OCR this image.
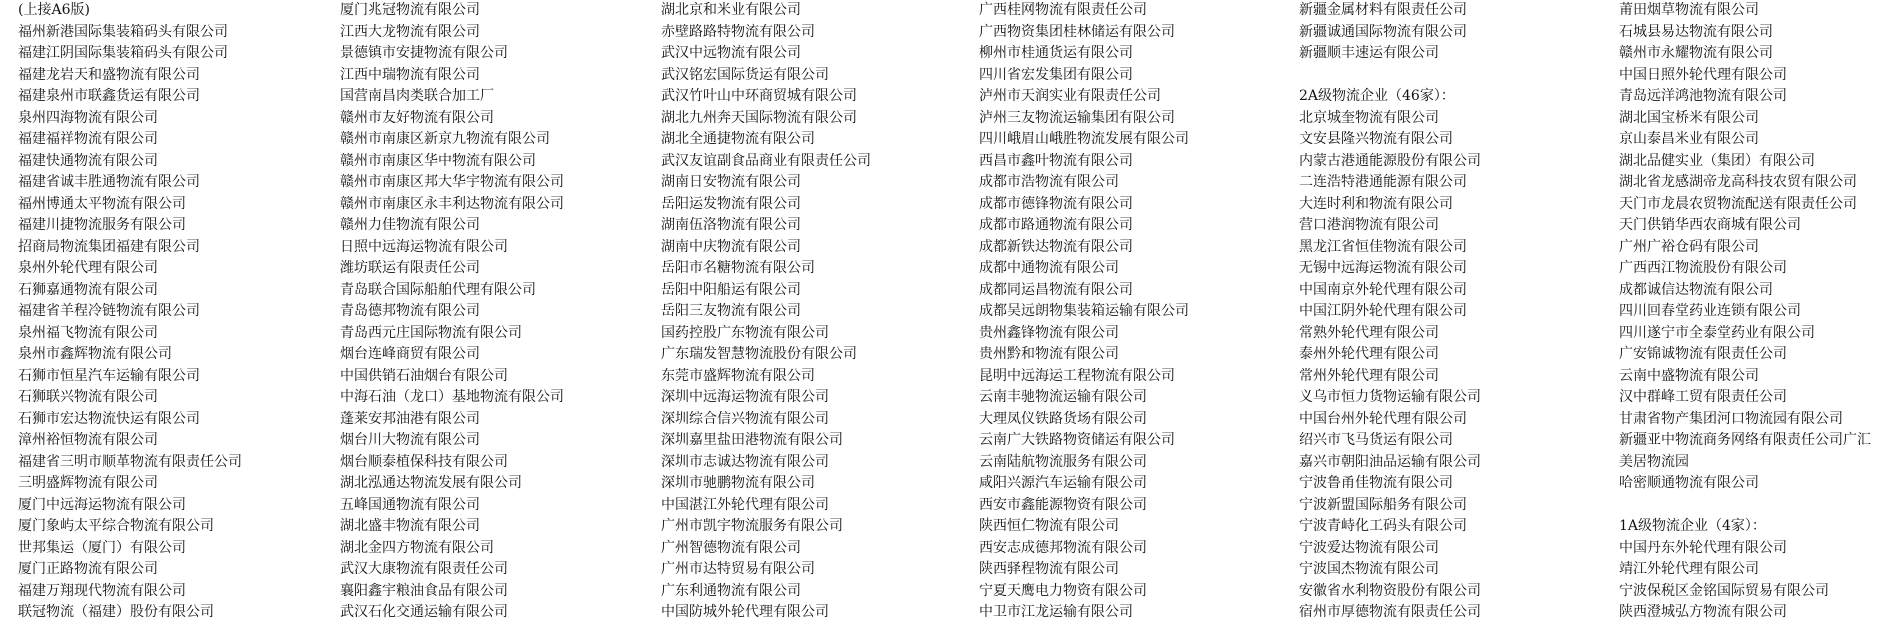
(上接A6版)
福州新港国际集装箱码头有限公司
福建江阴国际集装箱码头有限公司
福建龙岩天和盛物流有限公司
福建泉州市联鑫货运有限公司
泉州四海物流有限公司
福建福祥物流有限公司
福建快通物流有限公司
福建省诚丰胜通物流有限公司
福州博通太平物流有限公司
福建川捷物流服务有限公司
招商局物流集团福建有限公司
泉州外轮代理有限公司
石狮嘉通物流有限公司
福建省羊程冷链物流有限公司
泉州福飞物流有限公司
泉州市鑫辉物流有限公司
石狮市恒星汽车运输有限公司
石狮联兴物流有限公司
石狮市宏达物流快运有限公司
漳州裕恒物流有限公司
福建省三明市顺革物流有限责任公司
三明盛辉物流有限公司
厦门中远海运物流有限公司
厦门象屿太平综合物流有限公司
世邦集运（厦门）有限公司
厦门正路物流有限公司
福建万翔现代物流有限公司
联冠物流（福建）股份有限公司
厦门兆冠物流有限公司
江西大龙物流有限公司
景德镇市安捷物流有限公司
江西中瑞物流有限公司
国营南昌肉类联合加工厂
赣州市友好物流有限公司
赣州市南康区新京九物流有限公司
赣州市南康区华中物流有限公司
赣州市南康区邦大华宇物流有限公司
赣州市南康区永丰利达物流有限公司
赣州力佳物流有限公司
日照中远海运物流有限公司
潍坊联运有限责任公司
青岛联合国际船舶代理有限公司
青岛德邦物流有限公司
青岛西元庄国际物流有限公司
烟台连峰商贸有限公司
中国供销石油烟台有限公司
中海石油（龙口）基地物流有限公司
蓬莱安邦油港有限公司
烟台川大物流有限公司
烟台顺泰植保科技有限公司
湖北泓通达物流发展有限公司
五峰国通物流有限公司
湖北盛丰物流有限公司
湖北金四方物流有限公司
武汉大康物流有限责任公司
襄阳鑫宇粮油食品有限公司
武汉石化交通运输有限公司
湖北京和米业有限公司
赤壁路路特物流有限公司
武汉中远物流有限公司
武汉铭宏国际货运有限公司
武汉竹叶山中环商贸城有限公司
湖北九州奔天国际物流有限公司
湖北全通捷物流有限公司
武汉友谊副食品商业有限责任公司
湖南日安物流有限公司
岳阳运发物流有限公司
湖南伍洛物流有限公司
湖南中庆物流有限公司
岳阳市名糖物流有限公司
岳阳中阳船运有限公司
岳阳三友物流有限公司
国药控股广东物流有限公司
广东瑞发智慧物流股份有限公司
东莞市盛辉物流有限公司
深圳中远海运物流有限公司
深圳综合信兴物流有限公司
深圳嘉里盐田港物流有限公司
深圳市志诚达物流有限公司
深圳市驰鹏物流有限公司
中国湛江外轮代理有限公司
广州市凯宇物流服务有限公司
广州智德物流有限公司
广州市达特贸易有限公司
广东利通物流有限公司
中国防城外轮代理有限公司
广西桂网物流有限责任公司
广西物资集团桂林储运有限公司
柳州市桂通货运有限公司
四川省宏发集团有限公司
泸州市天润实业有限责任公司
泸州三友物流运输集团有限公司
四川峨眉山峨胜物流发展有限公司
西昌市鑫叶物流有限公司
成都市浩物流有限公司
成都市德锋物流有限公司
成都市路通物流有限公司
成都新铁达物流有限公司
成都中通物流有限公司
成都同运昌物流有限公司
成都吴远朗物集装箱运输有限公司
贵州鑫锋物流有限公司
贵州黔和物流有限公司
昆明中远海运工程物流有限公司
云南丰驰物流运输有限公司
大理凤仪铁路货场有限公司
云南广大铁路物资储运有限公司
云南陆航物流服务有限公司
咸阳兴源汽车运输有限公司
西安市鑫能源物资有限公司
陕西恒仁物流有限公司
西安志成德邦物流有限公司
陕西驿程物流有限公司
宁夏天鹰电力物资有限公司
中卫市江龙运输有限公司
新疆金属材料有限责任公司
新疆诚通国际物流有限公司
新疆顺丰速运有限公司
2A级物流企业（46家）：
北京城奎物流有限公司
文安县隆兴物流有限公司
内蒙古港通能源股份有限公司
二连浩特港通能源有限公司
大连时利和物流有限公司
营口港润物流有限公司
黑龙江省恒佳物流有限公司
无锡中远海运物流有限公司
中国南京外轮代理有限公司
中国江阴外轮代理有限公司
常熟外轮代理有限公司
泰州外轮代理有限公司
常州外轮代理有限公司
义乌市恒力货物运输有限公司
中国台州外轮代理有限公司
绍兴市飞马货运有限公司
嘉兴市朝阳油品运输有限公司
宁波鲁甬佳物流有限公司
宁波新盟国际船务有限公司
宁波青峙化工码头有限公司
宁波爱达物流有限公司
宁波国杰物流有限公司
安徽省水利物资股份有限公司
宿州市厚德物流有限责任公司
莆田烟草物流有限公司
石城县易达物流有限公司
赣州市永耀物流有限公司
中国日照外轮代理有限公司
青岛远洋鸿池物流有限公司
湖北国宝桥米有限公司
京山泰昌米业有限公司
湖北品健实业（集团）有限公司
湖北省龙感湖帝龙高科技农贸有限公司
天门市龙晨农贸物流配送有限责任公司
天门供销华西农商城有限公司
广州广裕仓码有限公司
广西西江物流股份有限公司
成都诚信达物流有限公司
四川回春堂药业连锁有限公司
四川遂宁市全泰堂药业有限公司
广安锦诚物流有限责任公司
云南中盛物流有限公司
汉中群峰工贸有限责任公司
甘肃省物产集团河口物流园有限公司
新疆亚中物流商务网络有限责任公司广汇
美居物流园
哈密顺通物流有限公司
1A级物流企业（4家）：
中国丹东外轮代理有限公司
靖江外轮代理有限公司
宁波保税区金铭国际贸易有限公司
陕西澄城弘方物流有限公司
